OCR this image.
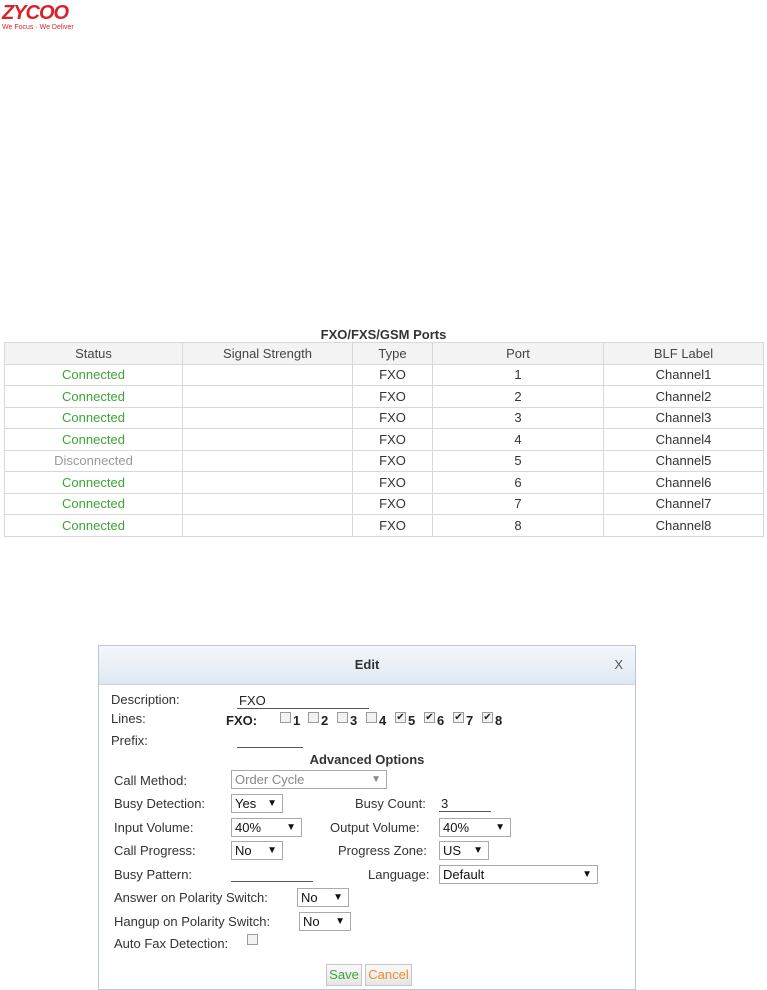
ZYCOO
We Focus · We Deliver
FXO/FXS/GSM Ports
Status	Signal Strength	Type	Port	BLF Label
Connected		FXO	1	Channel1
Connected		FXO	2	Channel2
Connected		FXO	3	Channel3
Connected		FXO	4	Channel4
Disconnected		FXO	5	Channel5
Connected		FXO	6	Channel6
Connected		FXO	7	Channel7
Connected		FXO	8	Channel8
Edit	X
Description:
FXO
Lines:	FXO:	1 2 3 4 ✔ 5 ✔ 6 ✔ 7 ✔ 8
Prefix:
Advanced Options
Call Method:	Order Cycle	▼
Busy Detection:	Yes ▼	Busy Count:
3
Input Volume:	40%	▼	Output Volume:	40%	▼
Call Progress:	No ▼	Progress Zone:	US ▼
Busy Pattern:	Language:	Default	▼
Answer on Polarity Switch:	No ▼
Hangup on Polarity Switch:	No ▼
Auto Fax Detection:
Save Cancel
